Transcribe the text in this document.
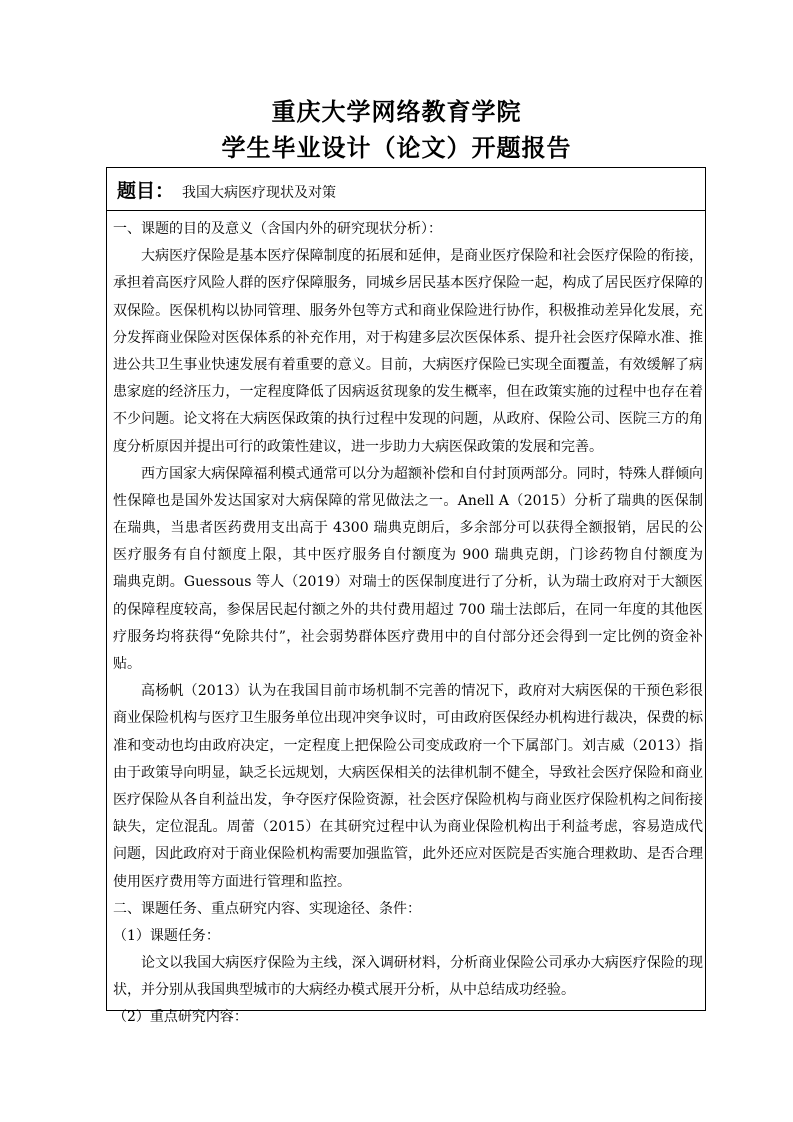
重庆大学网络教育学院
学生毕业设计（论文）开题报告
题目： 我国大病医疗现状及对策
一、课题的目的及意义（含国内外的研究现状分析）：
大病医疗保险是基本医疗保障制度的拓展和延伸，是商业医疗保险和社会医疗保险的衔接，
承担着高医疗风险人群的医疗保障服务，同城乡居民基本医疗保险一起，构成了居民医疗保障的
双保险。医保机构以协同管理、服务外包等方式和商业保险进行协作，积极推动差异化发展，充
分发挥商业保险对医保体系的补充作用，对于构建多层次医保体系、提升社会医疗保障水准、推
进公共卫生事业快速发展有着重要的意义。目前，大病医疗保险已实现全面覆盖，有效缓解了病
患家庭的经济压力，一定程度降低了因病返贫现象的发生概率，但在政策实施的过程中也存在着
不少问题。论文将在大病医保政策的执行过程中发现的问题，从政府、保险公司、医院三方的角
度分析原因并提出可行的政策性建议，进一步助力大病医保政策的发展和完善。
西方国家大病保障福利模式通常可以分为超额补偿和自付封顶两部分。同时，特殊人群倾向
性保障也是国外发达国家对大病保障的常见做法之一。Anell A（2015）分析了瑞典的医保制
在瑞典，当患者医药费用支出高于 4300 瑞典克朗后，多余部分可以获得全额报销，居民的公
医疗服务有自付额度上限，其中医疗服务自付额度为 900 瑞典克朗，门诊药物自付额度为
瑞典克朗。Guessous 等人（2019）对瑞士的医保制度进行了分析，认为瑞士政府对于大额医
的保障程度较高，参保居民起付额之外的共付费用超过 700 瑞士法郎后，在同一年度的其他医
疗服务均将获得“免除共付”，社会弱势群体医疗费用中的自付部分还会得到一定比例的资金补
贴。
高杨帆（2013）认为在我国目前市场机制不完善的情况下，政府对大病医保的干预色彩很
商业保险机构与医疗卫生服务单位出现冲突争议时，可由政府医保经办机构进行裁决，保费的标
准和变动也均由政府决定，一定程度上把保险公司变成政府一个下属部门。刘吉威（2013）指
由于政策导向明显，缺乏长远规划，大病医保相关的法律机制不健全，导致社会医疗保险和商业
医疗保险从各自利益出发，争夺医疗保险资源，社会医疗保险机构与商业医疗保险机构之间衔接
缺失，定位混乱。周蕾（2015）在其研究过程中认为商业保险机构出于利益考虑，容易造成代
问题，因此政府对于商业保险机构需要加强监管，此外还应对医院是否实施合理救助、是否合理
使用医疗费用等方面进行管理和监控。
二、课题任务、重点研究内容、实现途径、条件：
（1）课题任务：
论文以我国大病医疗保险为主线，深入调研材料，分析商业保险公司承办大病医疗保险的现
状，并分别从我国典型城市的大病经办模式展开分析，从中总结成功经验。
（2）重点研究内容：
